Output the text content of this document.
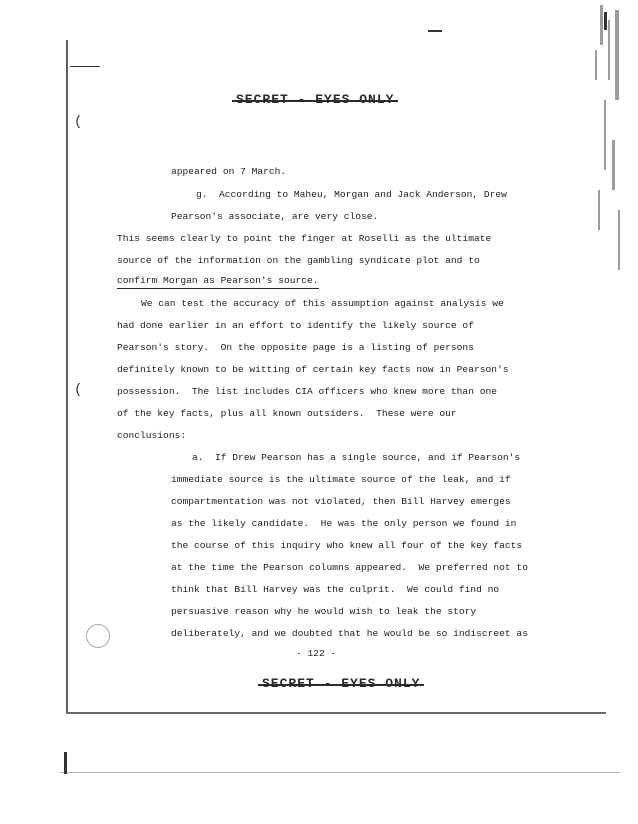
(
(
appeared on 7 March.
g.  According to Maheu, Morgan and Jack Anderson, Drew
Pearson's associate, are very close.
This seems clearly to point the finger at Roselli as the ultimate
source of the information on the gambling syndicate plot and to
confirm Morgan as Pearson's source.
We can test the accuracy of this assumption against analysis we
had done earlier in an effort to identify the likely source of
Pearson's story.  On the opposite page is a listing of persons
definitely known to be witting of certain key facts now in Pearson's
possession.  The list includes CIA officers who knew more than one
of the key facts, plus all known outsiders.  These were our
conclusions:
a.  If Drew Pearson has a single source, and if Pearson's
immediate source is the ultimate source of the leak, and if
compartmentation was not violated, then Bill Harvey emerges
as the likely candidate.  He was the only person we found in
the course of this inquiry who knew all four of the key facts
at the time the Pearson columns appeared.  We preferred not to
think that Bill Harvey was the culprit.  We could find no
persuasive reason why he would wish to leak the story
deliberately, and we doubted that he would be so indiscreet as
- 122 -
